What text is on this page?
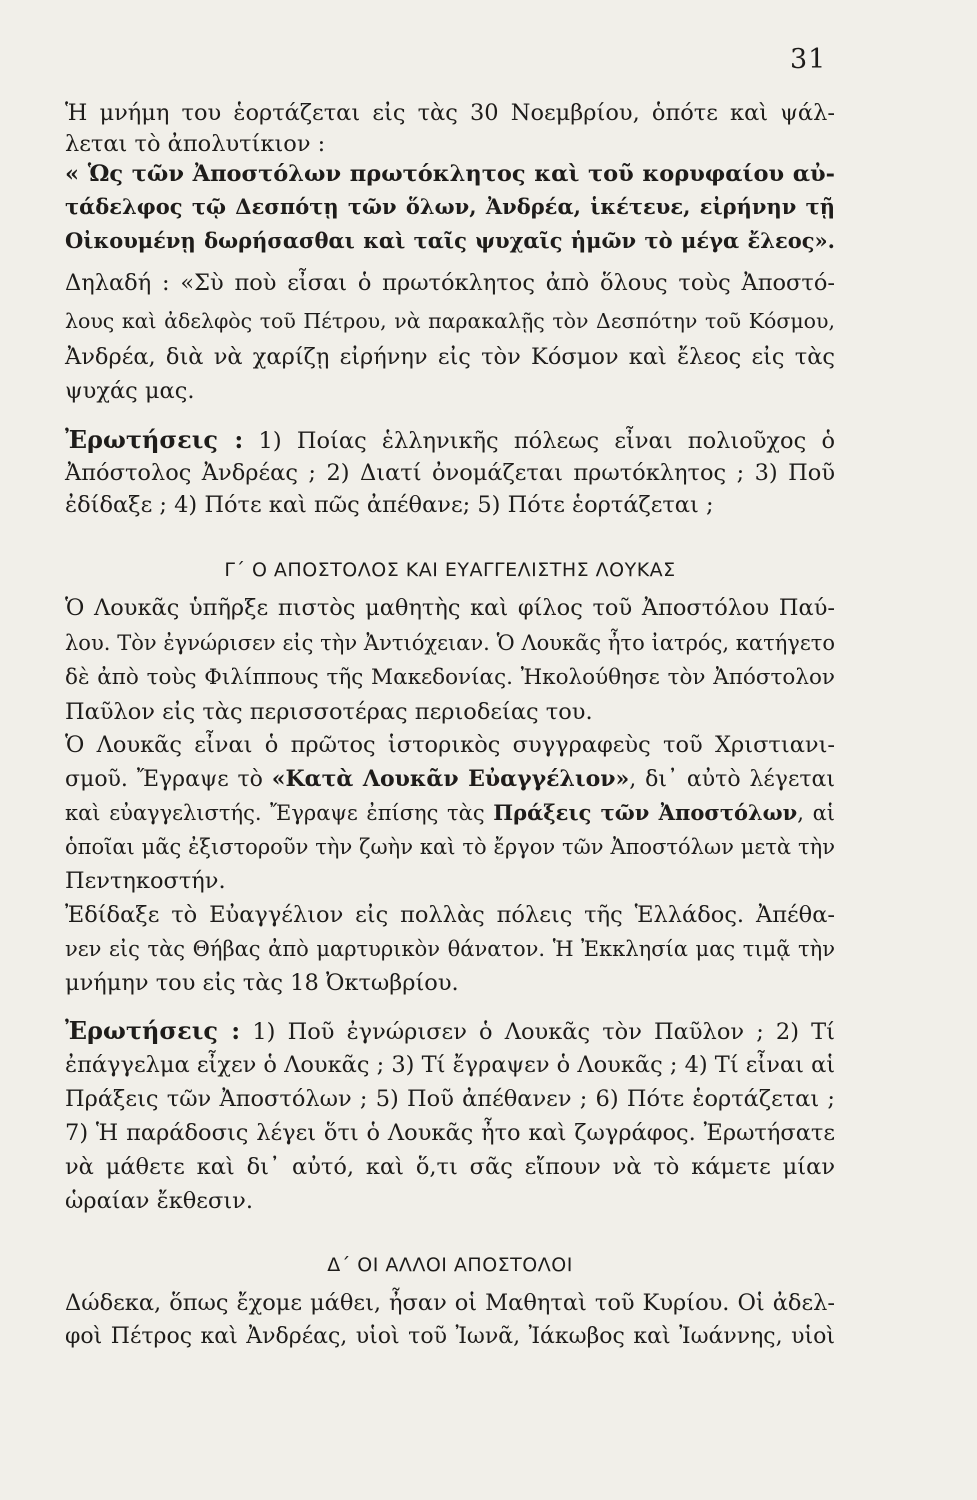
31
Ἡ μνήμη του ἑορτάζεται εἰς τὰς 30 Νοεμβρίου, ὁπότε καὶ ψάλ-
λεται τὸ ἀπολυτίκιον :
« Ὡς τῶν Ἀποστόλων πρωτόκλητος καὶ τοῦ κορυφαίου αὐ-
τάδελφος τῷ Δεσπότῃ τῶν ὅλων, Ἀνδρέα, ἱκέτευε, εἰρήνην τῇ
Οἰκουμένῃ δωρήσασθαι καὶ ταῖς ψυχαῖς ἡμῶν τὸ μέγα ἔλεος».
Δηλαδή : «Σὺ ποὺ εἶσαι ὁ πρωτόκλητος ἀπὸ ὅλους τοὺς Ἀποστό-
λους καὶ ἀδελφὸς τοῦ Πέτρου, νὰ παρακαλῇς τὸν Δεσπότην τοῦ Κόσμου,
Ἀνδρέα, διὰ νὰ χαρίζῃ εἰρήνην εἰς τὸν Κόσμον καὶ ἔλεος εἰς τὰς
ψυχάς μας.
Ἐρωτήσεις : 1) Ποίας ἑλληνικῆς πόλεως εἶναι πολιοῦχος ὁ
Ἀπόστολος Ἀνδρέας ; 2) Διατί ὀνομάζεται πρωτόκλητος ; 3) Ποῦ
ἐδίδαξε ; 4) Πότε καὶ πῶς ἀπέθανε; 5) Πότε ἑορτάζεται ;
Γ΄ Ο ΑΠΟΣΤΟΛΟΣ ΚΑΙ ΕΥΑΓΓΕΛΙΣΤΗΣ ΛΟΥΚΑΣ
Ὁ Λουκᾶς ὑπῆρξε πιστὸς μαθητὴς καὶ φίλος τοῦ Ἀποστόλου Παύ-
λου. Τὸν ἐγνώρισεν εἰς τὴν Ἀντιόχειαν. Ὁ Λουκᾶς ἦτο ἰατρός, κατήγετο
δὲ ἀπὸ τοὺς Φιλίππους τῆς Μακεδονίας. Ἠκολούθησε τὸν Ἀπόστολον
Παῦλον εἰς τὰς περισσοτέρας περιοδείας του.
Ὁ Λουκᾶς εἶναι ὁ πρῶτος ἱστορικὸς συγγραφεὺς τοῦ Χριστιανι-
σμοῦ. Ἔγραψε τὸ «Κατὰ Λουκᾶν Εὐαγγέλιον», δι᾽ αὐτὸ λέγεται
καὶ εὐαγγελιστής. Ἔγραψε ἐπίσης τὰς Πράξεις τῶν Ἀποστόλων, αἱ
ὁποῖαι μᾶς ἐξιστοροῦν τὴν ζωὴν καὶ τὸ ἔργον τῶν Ἀποστόλων μετὰ τὴν
Πεντηκοστήν.
Ἐδίδαξε τὸ Εὐαγγέλιον εἰς πολλὰς πόλεις τῆς Ἑλλάδος. Ἀπέθα-
νεν εἰς τὰς Θήβας ἀπὸ μαρτυρικὸν θάνατον. Ἡ Ἐκκλησία μας τιμᾷ τὴν
μνήμην του εἰς τὰς 18 Ὀκτωβρίου.
Ἐρωτήσεις : 1) Ποῦ ἐγνώρισεν ὁ Λουκᾶς τὸν Παῦλον ; 2) Τί
ἐπάγγελμα εἶχεν ὁ Λουκᾶς ; 3) Τί ἔγραψεν ὁ Λουκᾶς ; 4) Τί εἶναι αἱ
Πράξεις τῶν Ἀποστόλων ; 5) Ποῦ ἀπέθανεν ; 6) Πότε ἑορτάζεται ;
7) Ἡ παράδοσις λέγει ὅτι ὁ Λουκᾶς ἦτο καὶ ζωγράφος. Ἐρωτήσατε
νὰ μάθετε καὶ δι᾽ αὐτό, καὶ ὅ,τι σᾶς εἴπουν νὰ τὸ κάμετε μίαν
ὡραίαν ἔκθεσιν.
Δ΄ ΟΙ ΑΛΛΟΙ ΑΠΟΣΤΟΛΟΙ
Δώδεκα, ὅπως ἔχομε μάθει, ἦσαν οἱ Μαθηταὶ τοῦ Κυρίου. Οἱ ἀδελ-
φοὶ Πέτρος καὶ Ἀνδρέας, υἱοὶ τοῦ Ἰωνᾶ, Ἰάκωβος καὶ Ἰωάννης, υἱοὶ
